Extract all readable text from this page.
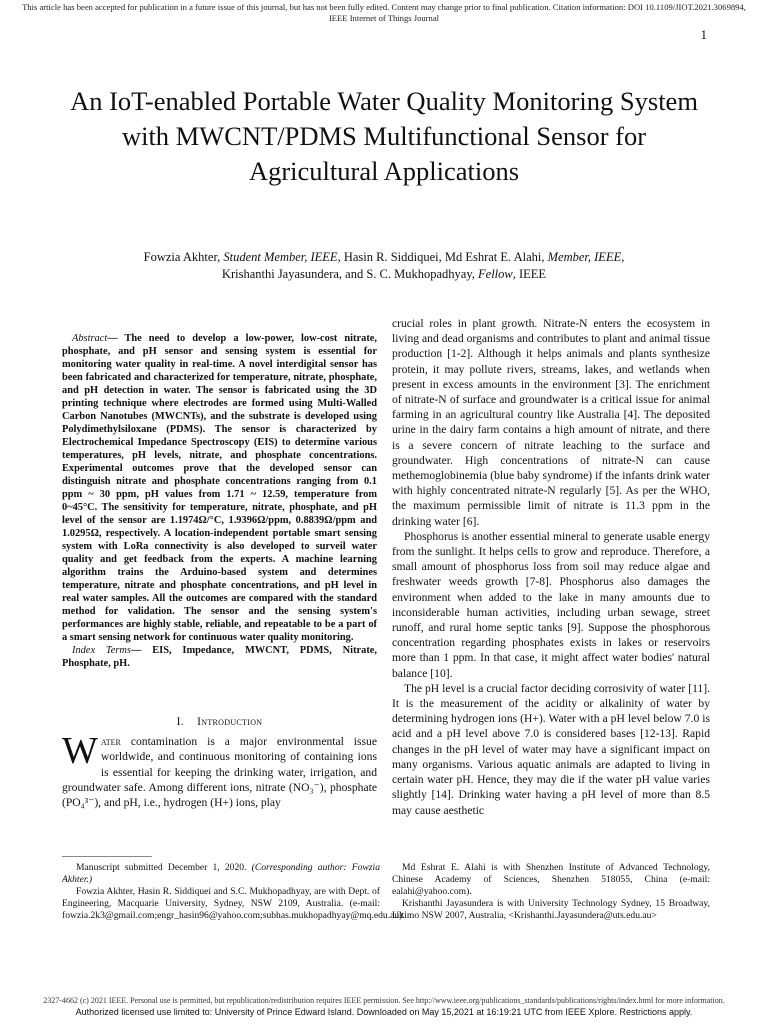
This article has been accepted for publication in a future issue of this journal, but has not been fully edited. Content may change prior to final publication. Citation information: DOI 10.1109/JIOT.2021.3069894, IEEE Internet of Things Journal
1
An IoT-enabled Portable Water Quality Monitoring System with MWCNT/PDMS Multifunctional Sensor for Agricultural Applications
Fowzia Akhter, Student Member, IEEE, Hasin R. Siddiquei, Md Eshrat E. Alahi, Member, IEEE,
Krishanthi Jayasundera, and S. C. Mukhopadhyay, Fellow, IEEE

Abstract— The need to develop a low-power, low-cost nitrate, phosphate, and pH sensor and sensing system is essential for monitoring water quality in real-time. A novel interdigital sensor has been fabricated and characterized for temperature, nitrate, phosphate, and pH detection in water. The sensor is fabricated using the 3D printing technique where electrodes are formed using Multi-Walled Carbon Nanotubes (MWCNTs), and the substrate is developed using Polydimethylsiloxane (PDMS). The sensor is characterized by Electrochemical Impedance Spectroscopy (EIS) to determine various temperatures, pH levels, nitrate, and phosphate concentrations. Experimental outcomes prove that the developed sensor can distinguish nitrate and phosphate concentrations ranging from 0.1 ppm ~ 30 ppm, pH values from 1.71 ~ 12.59, temperature from 0~45°C. The sensitivity for temperature, nitrate, phosphate, and pH level of the sensor are 1.1974Ω/°C, 1.9396Ω/ppm, 0.8839Ω/ppm and 1.0295Ω, respectively. A location-independent portable smart sensing system with LoRa connectivity is also developed to surveil water quality and get feedback from the experts. A machine learning algorithm trains the Arduino-based system and determines temperature, nitrate and phosphate concentrations, and pH level in real water samples. All the outcomes are compared with the standard method for validation. The sensor and the sensing system's performances are highly stable, reliable, and repeatable to be a part of a smart sensing network for continuous water quality monitoring.

Index Terms— EIS, Impedance, MWCNT, PDMS, Nitrate, Phosphate, pH.

I. Introduction

Water contamination is a major environmental issue worldwide, and continuous monitoring of containing ions is essential for keeping the drinking water, irrigation, and groundwater safe. Among different ions, nitrate (NO₃⁻), phosphate (PO₄³⁻), and pH, i.e., hydrogen (H+) ions, play

crucial roles in plant growth. Nitrate-N enters the ecosystem in living and dead organisms and contributes to plant and animal tissue production [1-2]. Although it helps animals and plants synthesize protein, it may pollute rivers, streams, lakes, and wetlands when present in excess amounts in the environment [3]. The enrichment of nitrate-N of surface and groundwater is a critical issue for animal farming in an agricultural country like Australia [4]. The deposited urine in the dairy farm contains a high amount of nitrate, and there is a severe concern of nitrate leaching to the surface and groundwater. High concentrations of nitrate-N can cause methemoglobinemia (blue baby syndrome) if the infants drink water with highly concentrated nitrate-N regularly [5]. As per the WHO, the maximum permissible limit of nitrate is 11.3 ppm in the drinking water [6].

Phosphorus is another essential mineral to generate usable energy from the sunlight. It helps cells to grow and reproduce. Therefore, a small amount of phosphorus loss from soil may reduce algae and freshwater weeds growth [7-8]. Phosphorus also damages the environment when added to the lake in many amounts due to inconsiderable human activities, including urban sewage, street runoff, and rural home septic tanks [9]. Suppose the phosphorous concentration regarding phosphates exists in lakes or reservoirs more than 1 ppm. In that case, it might affect water bodies' natural balance [10].

The pH level is a crucial factor deciding corrosivity of water [11]. It is the measurement of the acidity or alkalinity of water by determining hydrogen ions (H+). Water with a pH level below 7.0 is acid and a pH level above 7.0 is considered bases [12-13]. Rapid changes in the pH level of water may have a significant impact on many organisms. Various aquatic animals are adapted to living in certain water pH. Hence, they may die if the water pH value varies slightly [14]. Drinking water having a pH level of more than 8.5 may cause aesthetic

Manuscript submitted December 1, 2020. (Corresponding author: Fowzia Akhter.)

Fowzia Akhter, Hasin R. Siddiquei and S.C. Mukhopadhyay, are with Dept. of Engineering, Macquarie University, Sydney, NSW 2109, Australia. (e-mail: fowzia.2k3@gmail.com;engr_hasin96@yahoo.com;subhas.mukhopadhyay@mq.edu.au).

Md Eshrat E. Alahi is with Shenzhen Institute of Advanced Technology, Chinese Academy of Sciences, Shenzhen 518055, China (e-mail: ealahi@yahoo.com).

Krishanthi Jayasundera is with University Technology Sydney, 15 Broadway, Ultimo NSW 2007, Australia, <Krishanthi.Jayasundera@uts.edu.au>

2327-4662 (c) 2021 IEEE. Personal use is permitted, but republication/redistribution requires IEEE permission. See http://www.ieee.org/publications_standards/publications/rights/index.html for more information.
Authorized licensed use limited to: University of Prince Edward Island. Downloaded on May 15,2021 at 16:19:21 UTC from IEEE Xplore. Restrictions apply.
